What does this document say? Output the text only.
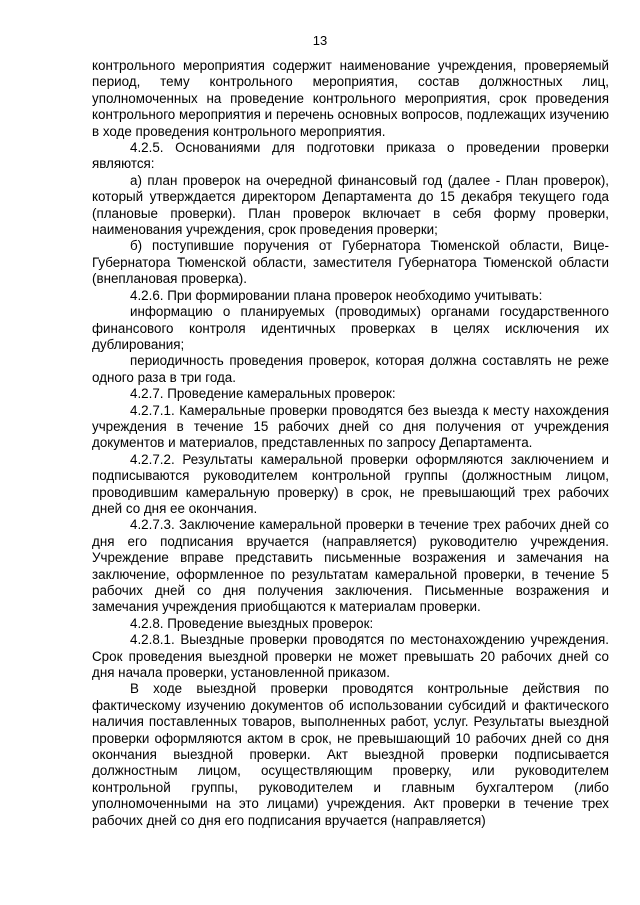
13

контрольного мероприятия содержит наименование учреждения, проверяемый период, тему контрольного мероприятия, состав должностных лиц, уполномоченных на проведение контрольного мероприятия, срок проведения контрольного мероприятия и перечень основных вопросов, подлежащих изучению в ходе проведения контрольного мероприятия.

4.2.5. Основаниями для подготовки приказа о проведении проверки являются:

а) план проверок на очередной финансовый год (далее - План проверок), который утверждается директором Департамента до 15 декабря текущего года (плановые проверки). План проверок включает в себя форму проверки, наименования учреждения, срок проведения проверки;

б) поступившие поручения от Губернатора Тюменской области, Вице-Губернатора Тюменской области, заместителя Губернатора Тюменской области (внеплановая проверка).

4.2.6. При формировании плана проверок необходимо учитывать:

информацию о планируемых (проводимых) органами государственного финансового контроля идентичных проверках в целях исключения их дублирования;

периодичность проведения проверок, которая должна составлять не реже одного раза в три года.

4.2.7. Проведение камеральных проверок:

4.2.7.1. Камеральные проверки проводятся без выезда к месту нахождения учреждения в течение 15 рабочих дней со дня получения от учреждения документов и материалов, представленных по запросу Департамента.

4.2.7.2. Результаты камеральной проверки оформляются заключением и подписываются руководителем контрольной группы (должностным лицом, проводившим камеральную проверку) в срок, не превышающий трех рабочих дней со дня ее окончания.

4.2.7.3. Заключение камеральной проверки в течение трех рабочих дней со дня его подписания вручается (направляется) руководителю учреждения. Учреждение вправе представить письменные возражения и замечания на заключение, оформленное по результатам камеральной проверки, в течение 5 рабочих дней со дня получения заключения. Письменные возражения и замечания учреждения приобщаются к материалам проверки.

4.2.8. Проведение выездных проверок:

4.2.8.1. Выездные проверки проводятся по местонахождению учреждения. Срок проведения выездной проверки не может превышать 20 рабочих дней со дня начала проверки, установленной приказом.

В ходе выездной проверки проводятся контрольные действия по фактическому изучению документов об использовании субсидий и фактического наличия поставленных товаров, выполненных работ, услуг. Результаты выездной проверки оформляются актом в срок, не превышающий 10 рабочих дней со дня окончания выездной проверки. Акт выездной проверки подписывается должностным лицом, осуществляющим проверку, или руководителем контрольной группы, руководителем и главным бухгалтером (либо уполномоченными на это лицами) учреждения. Акт проверки в течение трех рабочих дней со дня его подписания вручается (направляется)
